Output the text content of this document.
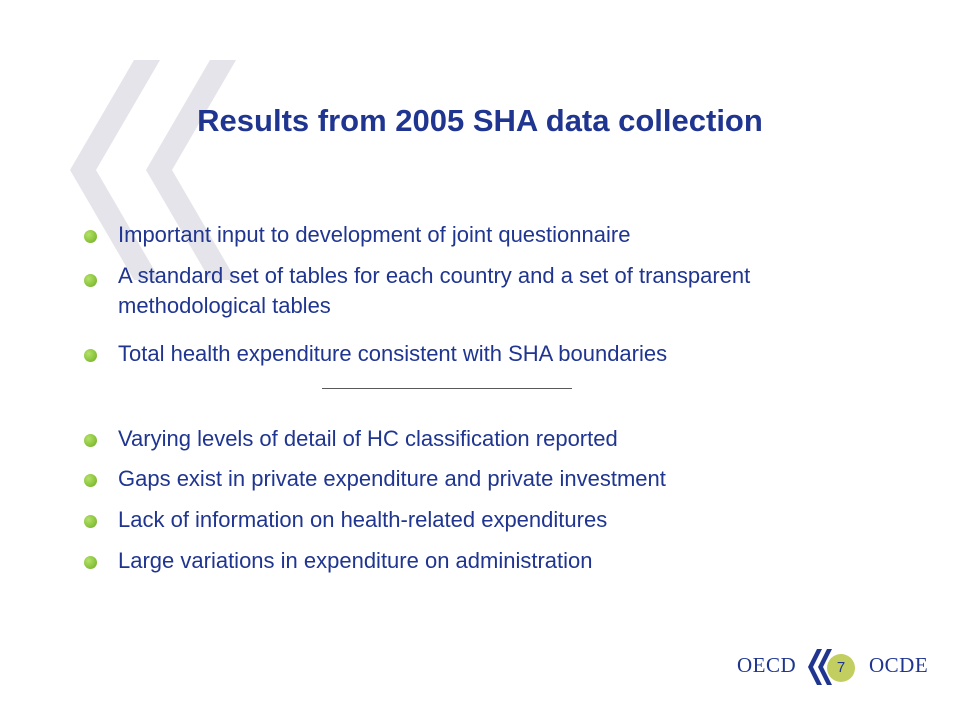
Results from 2005 SHA data collection
Important input to development of joint questionnaire
A standard set of tables for each country and a set of transparent methodological tables
Total health expenditure consistent with SHA boundaries
Varying levels of detail of HC classification reported
Gaps exist in private expenditure and private investment
Lack of information on health-related expenditures
Large variations in expenditure on administration
OECD	7	OCDE
